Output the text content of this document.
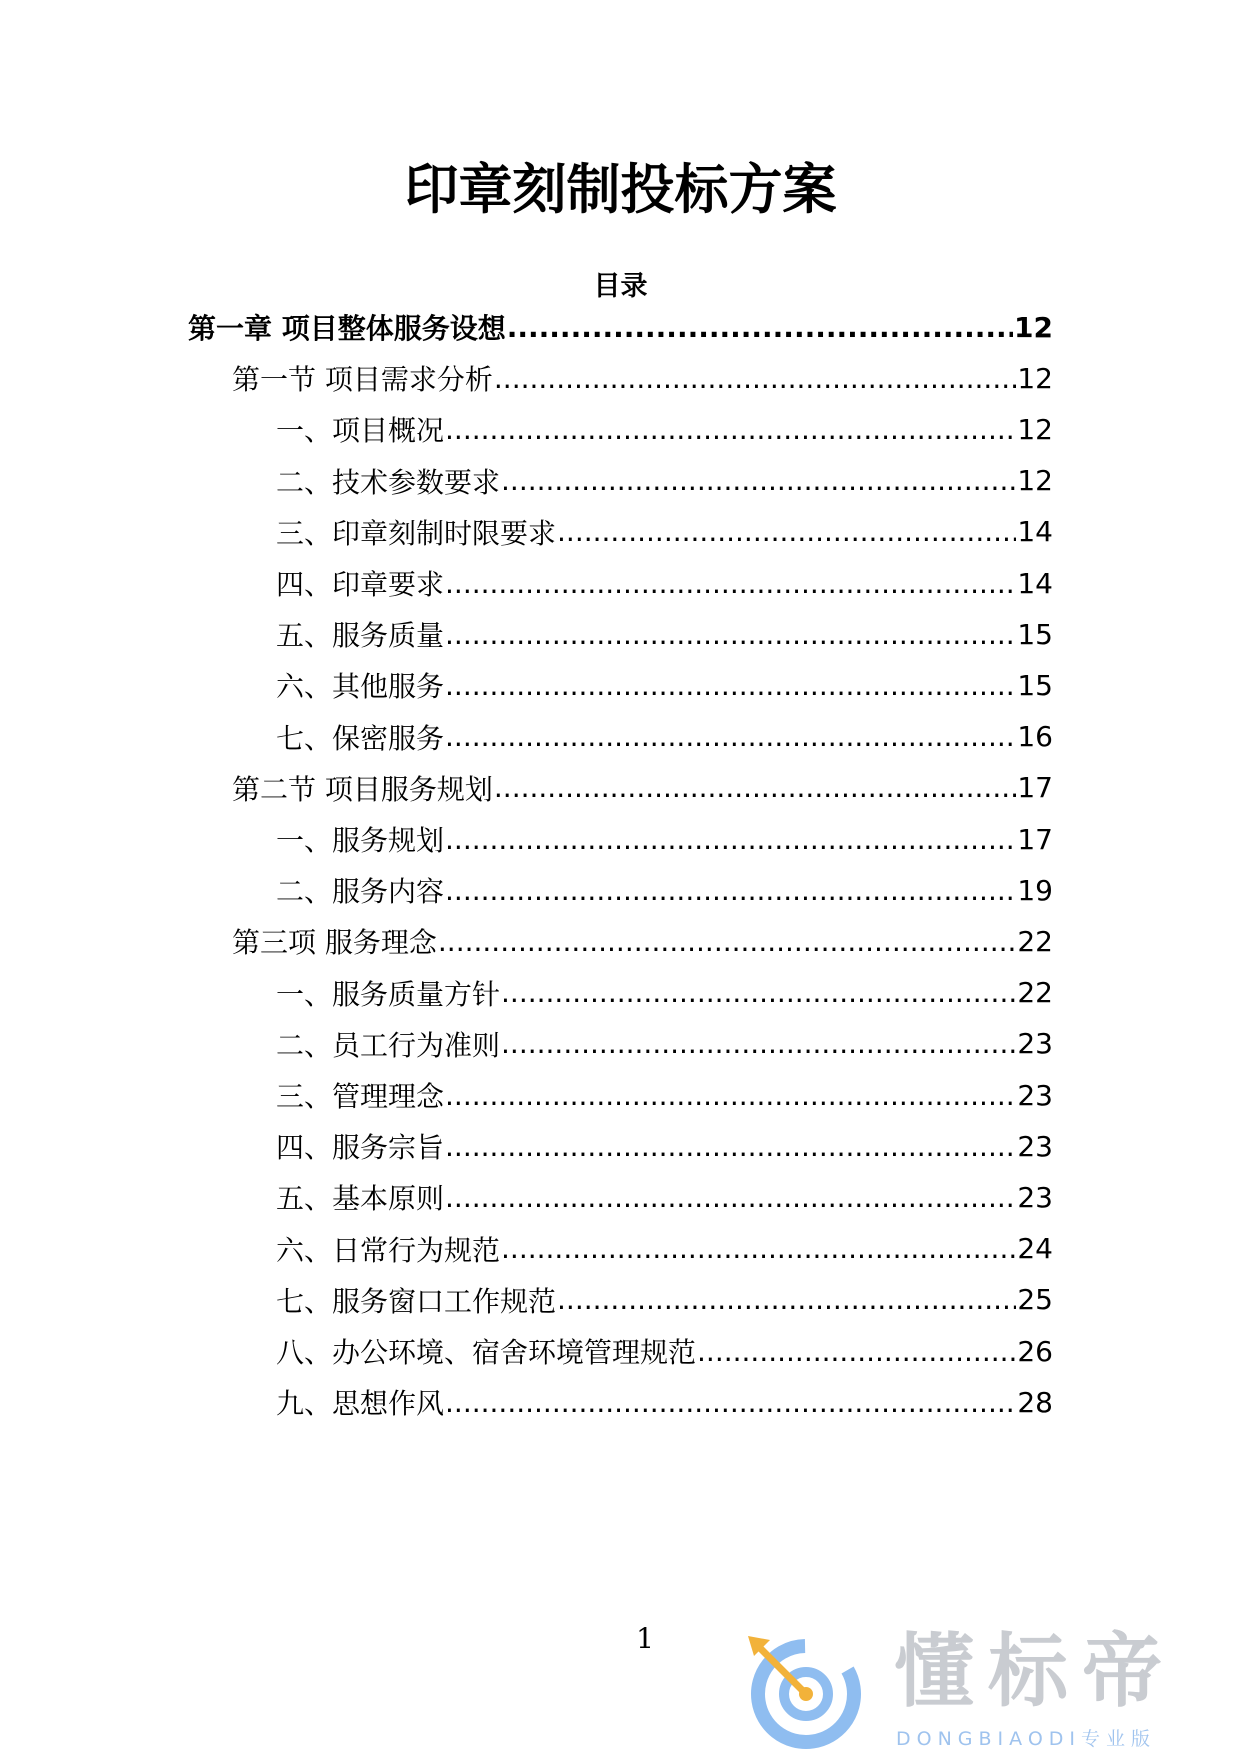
印章刻制投标方案
目录
第一章 项目整体服务设想 .....	12
第一节 项目需求分析 .....	12
一、项目概况 .....	12
二、技术参数要求 .....	12
三、印章刻制时限要求 .....	14
四、印章要求 .....	14
五、服务质量 .....	15
六、其他服务 .....	15
七、保密服务 .....	16
第二节 项目服务规划 .....	17
一、服务规划 .....	17
二、服务内容 .....	19
第三项 服务理念 .....	22
一、服务质量方针 .....	22
二、员工行为准则 .....	23
三、管理理念 .....	23
四、服务宗旨 .....	23
五、基本原则 .....	23
六、日常行为规范 .....	24
七、服务窗口工作规范 .....	25
八、办公环境、宿舍环境管理规范 .....	26
九、思想作风 .....	28
1	懂标帝
DONGBIAODI专业版
